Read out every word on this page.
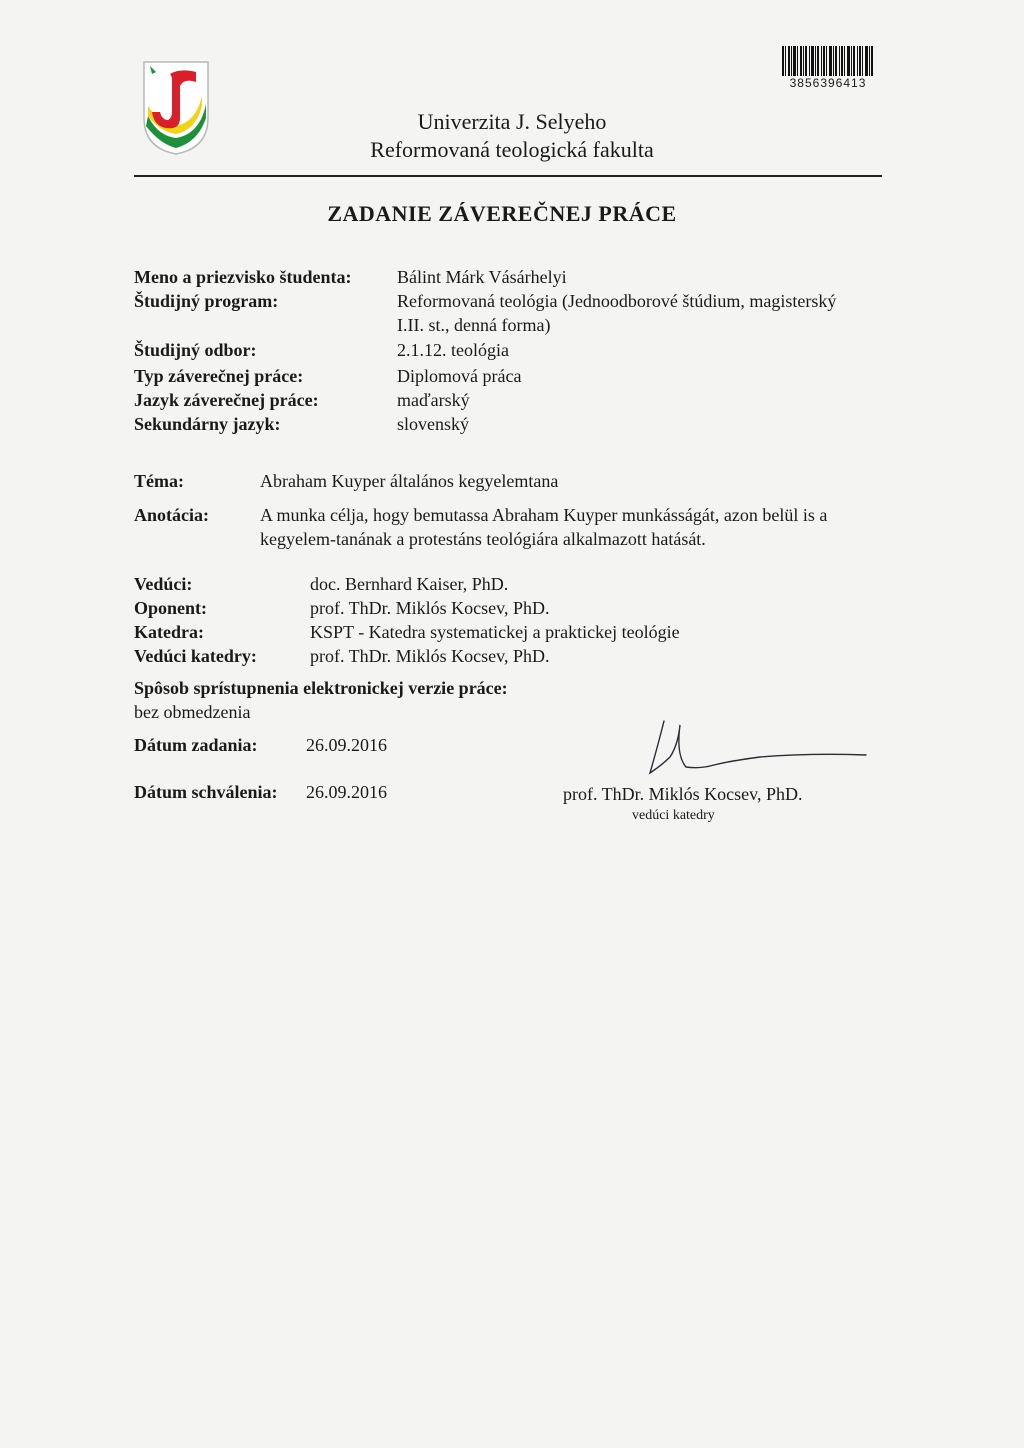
3856396413
Univerzita J. Selyeho
Reformovaná teologická fakulta
ZADANIE ZÁVEREČNEJ PRÁCE
Meno a priezvisko študenta:	Bálint Márk Vásárhelyi
Študijný program:	Reformovaná teológia (Jednoodborové štúdium, magisterský
I.II. st., denná forma)
Študijný odbor:	2.1.12. teológia
Typ záverečnej práce:	Diplomová práca
Jazyk záverečnej práce:	maďarský
Sekundárny jazyk:	slovenský
Téma:	Abraham Kuyper általános kegyelemtana
Anotácia:	A munka célja, hogy bemutassa Abraham Kuyper munkásságát, azon belül is a
kegyelem-tanának a protestáns teológiára alkalmazott hatását.
Vedúci:	doc. Bernhard Kaiser, PhD.
Oponent:	prof. ThDr. Miklós Kocsev, PhD.
Katedra:	KSPT - Katedra systematickej a praktickej teológie
Vedúci katedry:	prof. ThDr. Miklós Kocsev, PhD.
Spôsob sprístupnenia elektronickej verzie práce:
bez obmedzenia
Dátum zadania:	26.09.2016
Dátum schválenia: 26.09.2016	prof. ThDr. Miklós Kocsev, PhD.
vedúci katedry
